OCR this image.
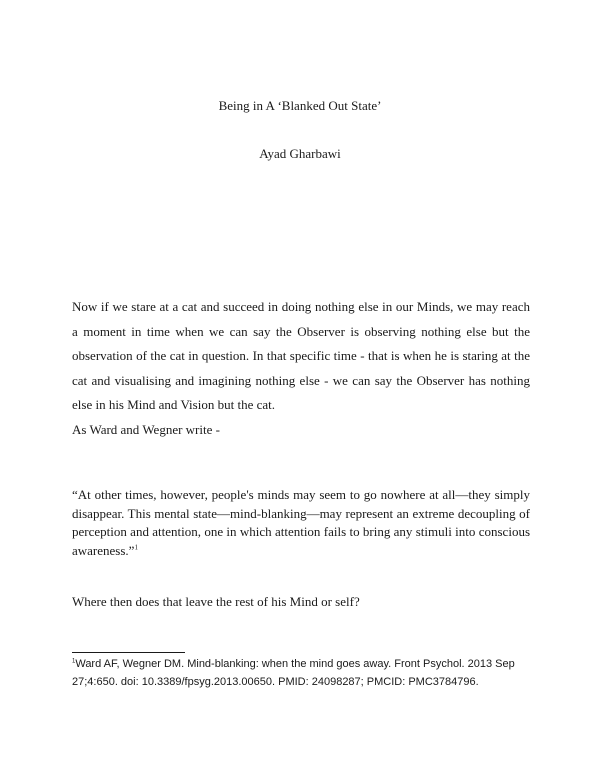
Being in A ‘Blanked Out State’
Ayad Gharbawi

Now if we stare at a cat and succeed in doing nothing else in our Minds, we may reach a moment in time when we can say the Observer is observing nothing else but the observation of the cat in question. In that specific time - that is when he is staring at the cat and visualising and imagining nothing else - we can say the Observer has nothing else in his Mind and Vision but the cat.

As Ward and Wegner write -

“At other times, however, people's minds may seem to go nowhere at all—they simply disappear. This mental state—mind-blanking—may represent an extreme decoupling of perception and attention, one in which attention fails to bring any stimuli into conscious awareness.”$^1$

Where then does that leave the rest of his Mind or self?

$^1$Ward AF, Wegner DM. Mind-blanking: when the mind goes away. Front Psychol. 2013 Sep 27;4:650. doi: 10.3389/fpsyg.2013.00650. PMID: 24098287; PMCID: PMC3784796.
